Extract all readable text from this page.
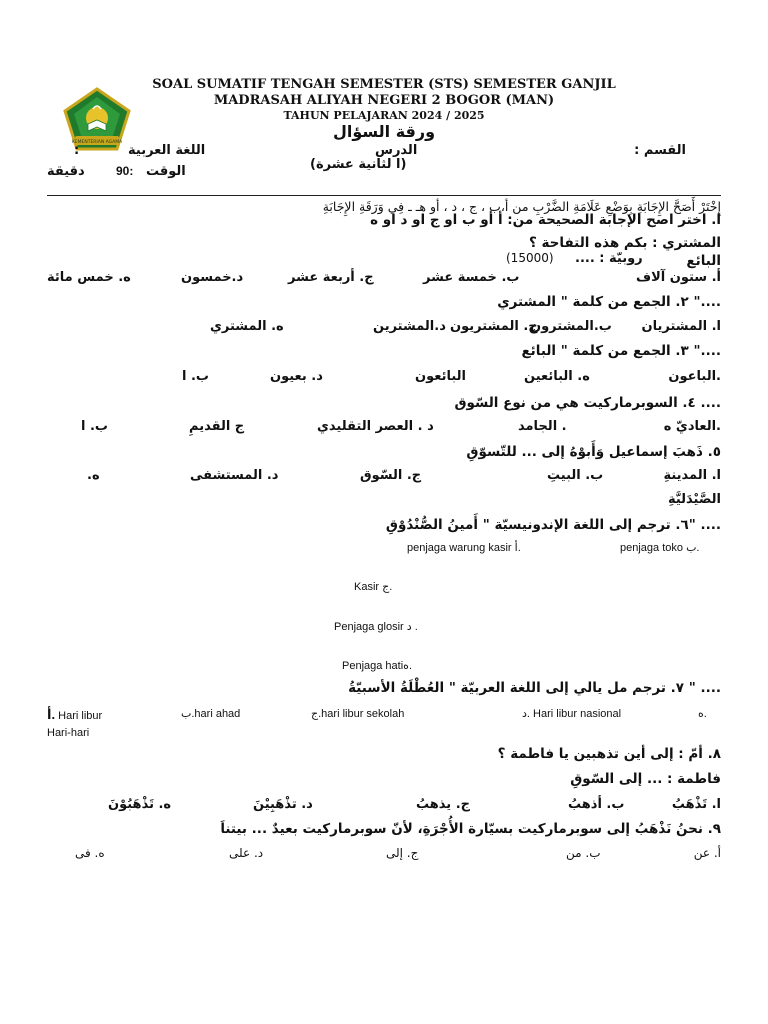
SOAL SUMATIF TENGAH SEMESTER (STS) SEMESTER GANJIL
MADRASAH ALIYAH NEGERI 2 BOGOR (MAN)
TAHUN PELAJARAN 2024 / 2025
ورقة السؤال
KEMENTERIAN AGAMA
القسم :
الدرس
اللغة العربية
:
(ا لثانية عشرة)
الوقت
90:
دقيقة
إِخْتَرْ أَصَحَّ الإِجَابَةِ بِوَضْعِ عَلَامَةِ الضَّرْبِ من أ،ب ، ج ، د ، أو هـ ـ فِي وَرَقَةِ الإِجَابَةِ
ا. اختر اصح الإجابة الصحيحة من: أ أو ب او ج او د او ه
المشتري : بكم هذه التفاحة ؟
البائع
(15000) روبيّة : ....
أ. ستون آلاف
ب. خمسة عشر
ج. أربعة عشر
د.خمسون
ه. خمس مائة
...." ٢. الجمع من كلمة " المشتري
ا. المشتريان
ب.المشترون
ج. المشتريون
د.المشترين
ه. المشتري
...." ٣. الجمع من كلمة " البائع
.الباعون
ه. البائعين
البائعون
د. بعيون
ب. ا
.... ٤. السوبرماركيت هي من نوع السّوق
.العاديّ ه
. الجامد
د . العصر التقليدي
ج القديمِ
ب. ا
٥. ذَهبَ إسماعيل وَأَبوْهُ إلى ... للتّسوّقِ
ا. المدينةِ
ب. البيتِ
ج. السّوق
د. المستشفى
ه.
الصَّيْدَليَّةِ
.... "٦. ترجم إلى اللغة الإندونيسيّة " أَمينُ الصُّنْدُوْقِ
penjaga warung kasir أ.	penjaga toko ب.
Kasir ج.
Penjaga glosir د .
Penjaga hatiه.
.... " ٧. ترجم مل يالي إلى اللغة العربيّة " العُطْلَةُ الأسبيّةُ
أ. Hari libur	ب.hari ahad	ج.hari libur sekolah	د. Hari libur nasional	ه.
Hari-hari
٨. أمّ : إلى أين تذهبين يا فاطمة ؟
فاطمة : ... إلى السّوقِ
ا. تَذْهَبُ
ب. أذهبُ
ج. يذهبُ
د. تذْهَبِيْنَ
ه. تَذْهَبُوْنَ
٩. نحنُ نَذْهَبُ إلى سوبرماركيت بسيّارة الأُجْرَةِ، لأنّ سوبرماركيت بعيدٌ ... بيتناَ
أ. عن
ب. من
ج. إلى
د. على
ه. فى
